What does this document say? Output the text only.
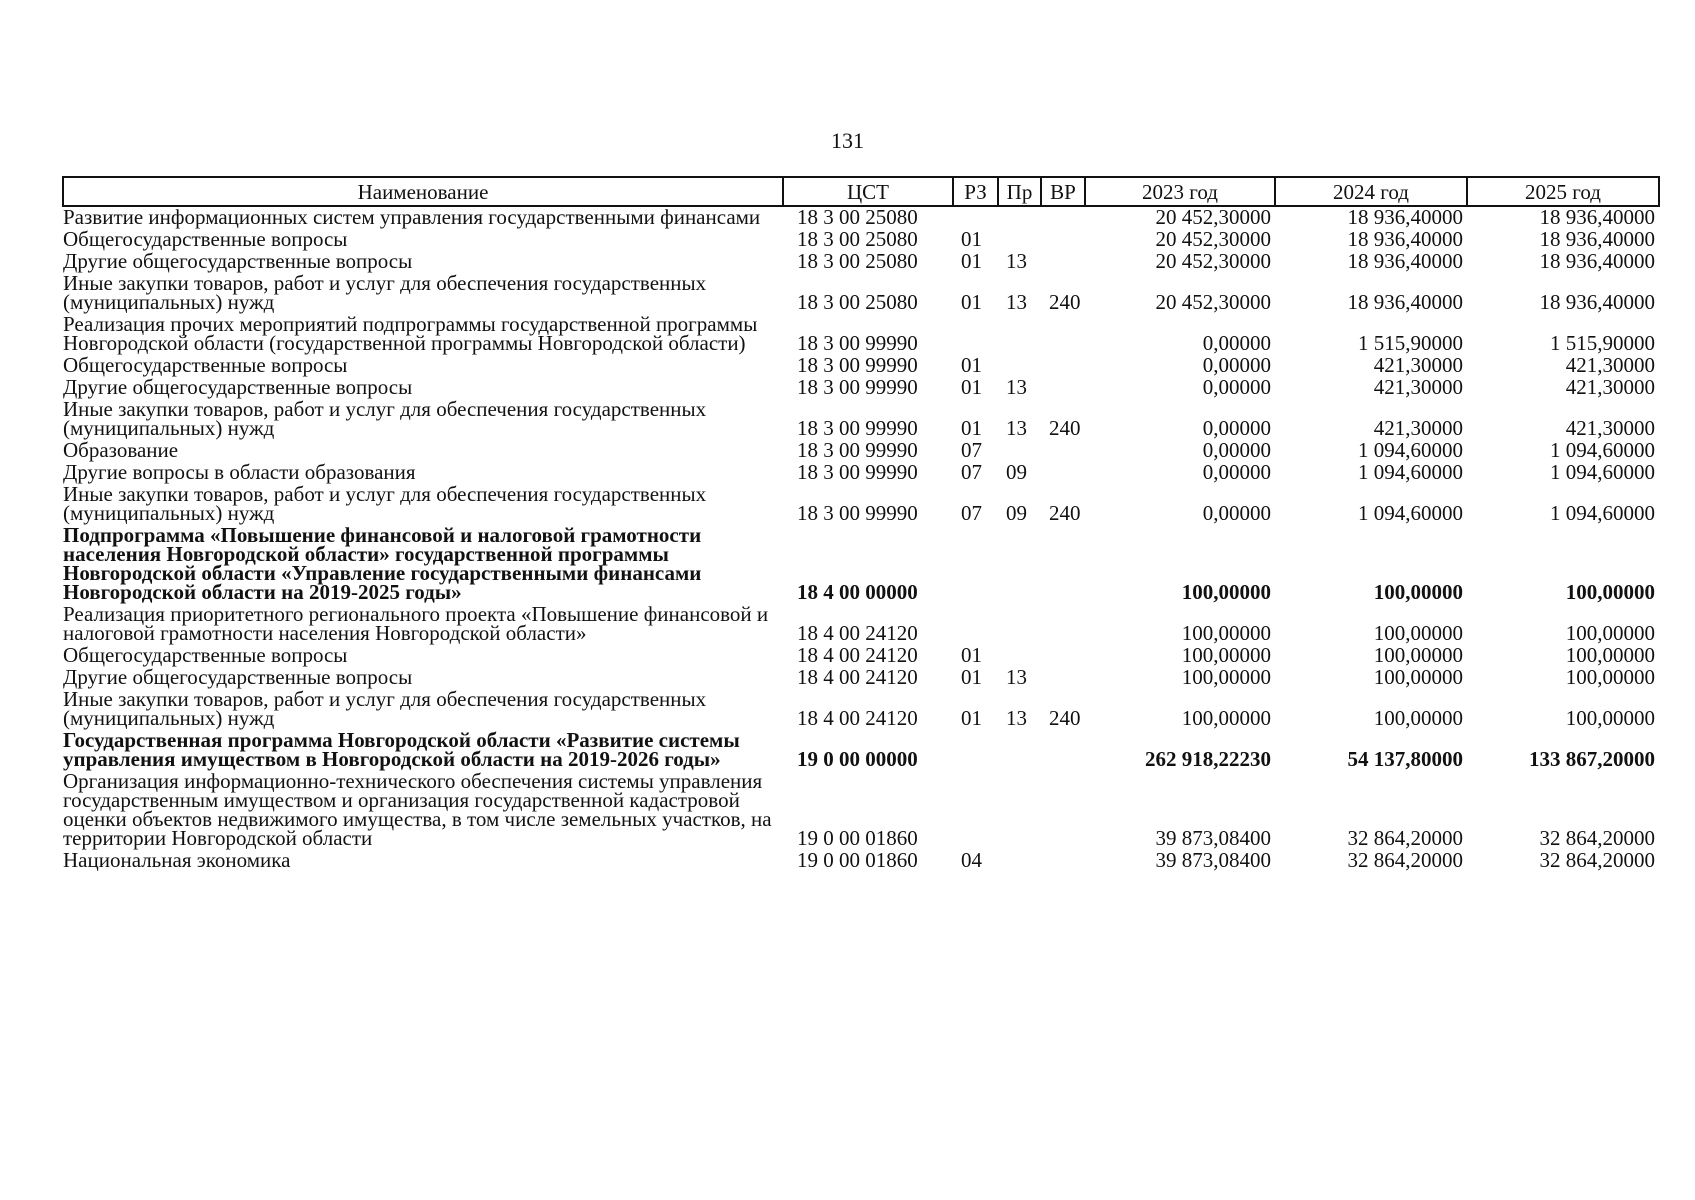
131
Наименование	ЦСТ	РЗ	Пр	ВР	2023 год	2024 год	2025 год
Развитие информационных систем управления государственными финансами	18 3 00 25080				20 452,30000	18 936,40000	18 936,40000
Общегосударственные вопросы	18 3 00 25080	01			20 452,30000	18 936,40000	18 936,40000
Другие общегосударственные вопросы	18 3 00 25080	01	13		20 452,30000	18 936,40000	18 936,40000
Иные закупки товаров, работ и услуг для обеспечения государственных (муниципальных) нужд	18 3 00 25080	01	13	240	20 452,30000	18 936,40000	18 936,40000
Реализация прочих мероприятий подпрограммы государственной программы Новгородской области (государственной программы Новгородской области)	18 3 00 99990				0,00000	1 515,90000	1 515,90000
Общегосударственные вопросы	18 3 00 99990	01			0,00000	421,30000	421,30000
Другие общегосударственные вопросы	18 3 00 99990	01	13		0,00000	421,30000	421,30000
Иные закупки товаров, работ и услуг для обеспечения государственных (муниципальных) нужд	18 3 00 99990	01	13	240	0,00000	421,30000	421,30000
Образование	18 3 00 99990	07			0,00000	1 094,60000	1 094,60000
Другие вопросы в области образования	18 3 00 99990	07	09		0,00000	1 094,60000	1 094,60000
Иные закупки товаров, работ и услуг для обеспечения государственных (муниципальных) нужд	18 3 00 99990	07	09	240	0,00000	1 094,60000	1 094,60000
Подпрограмма «Повышение финансовой и налоговой грамотности населения Новгородской области» государственной программы Новгородской области «Управление государственными финансами Новгородской области на 2019-2025 годы»	18 4 00 00000				100,00000	100,00000	100,00000
Реализация приоритетного регионального проекта «Повышение финансовой и налоговой грамотности населения Новгородской области»	18 4 00 24120				100,00000	100,00000	100,00000
Общегосударственные вопросы	18 4 00 24120	01			100,00000	100,00000	100,00000
Другие общегосударственные вопросы	18 4 00 24120	01	13		100,00000	100,00000	100,00000
Иные закупки товаров, работ и услуг для обеспечения государственных (муниципальных) нужд	18 4 00 24120	01	13	240	100,00000	100,00000	100,00000
Государственная программа Новгородской области «Развитие системы управления имуществом в Новгородской области на 2019-2026 годы»	19 0 00 00000				262 918,22230	54 137,80000	133 867,20000
Организация информационно-технического обеспечения системы управления государственным имуществом и организация государственной кадастровой оценки объектов недвижимого имущества, в том числе земельных участков, на территории Новгородской области	19 0 00 01860				39 873,08400	32 864,20000	32 864,20000
Национальная экономика	19 0 00 01860	04			39 873,08400	32 864,20000	32 864,20000
